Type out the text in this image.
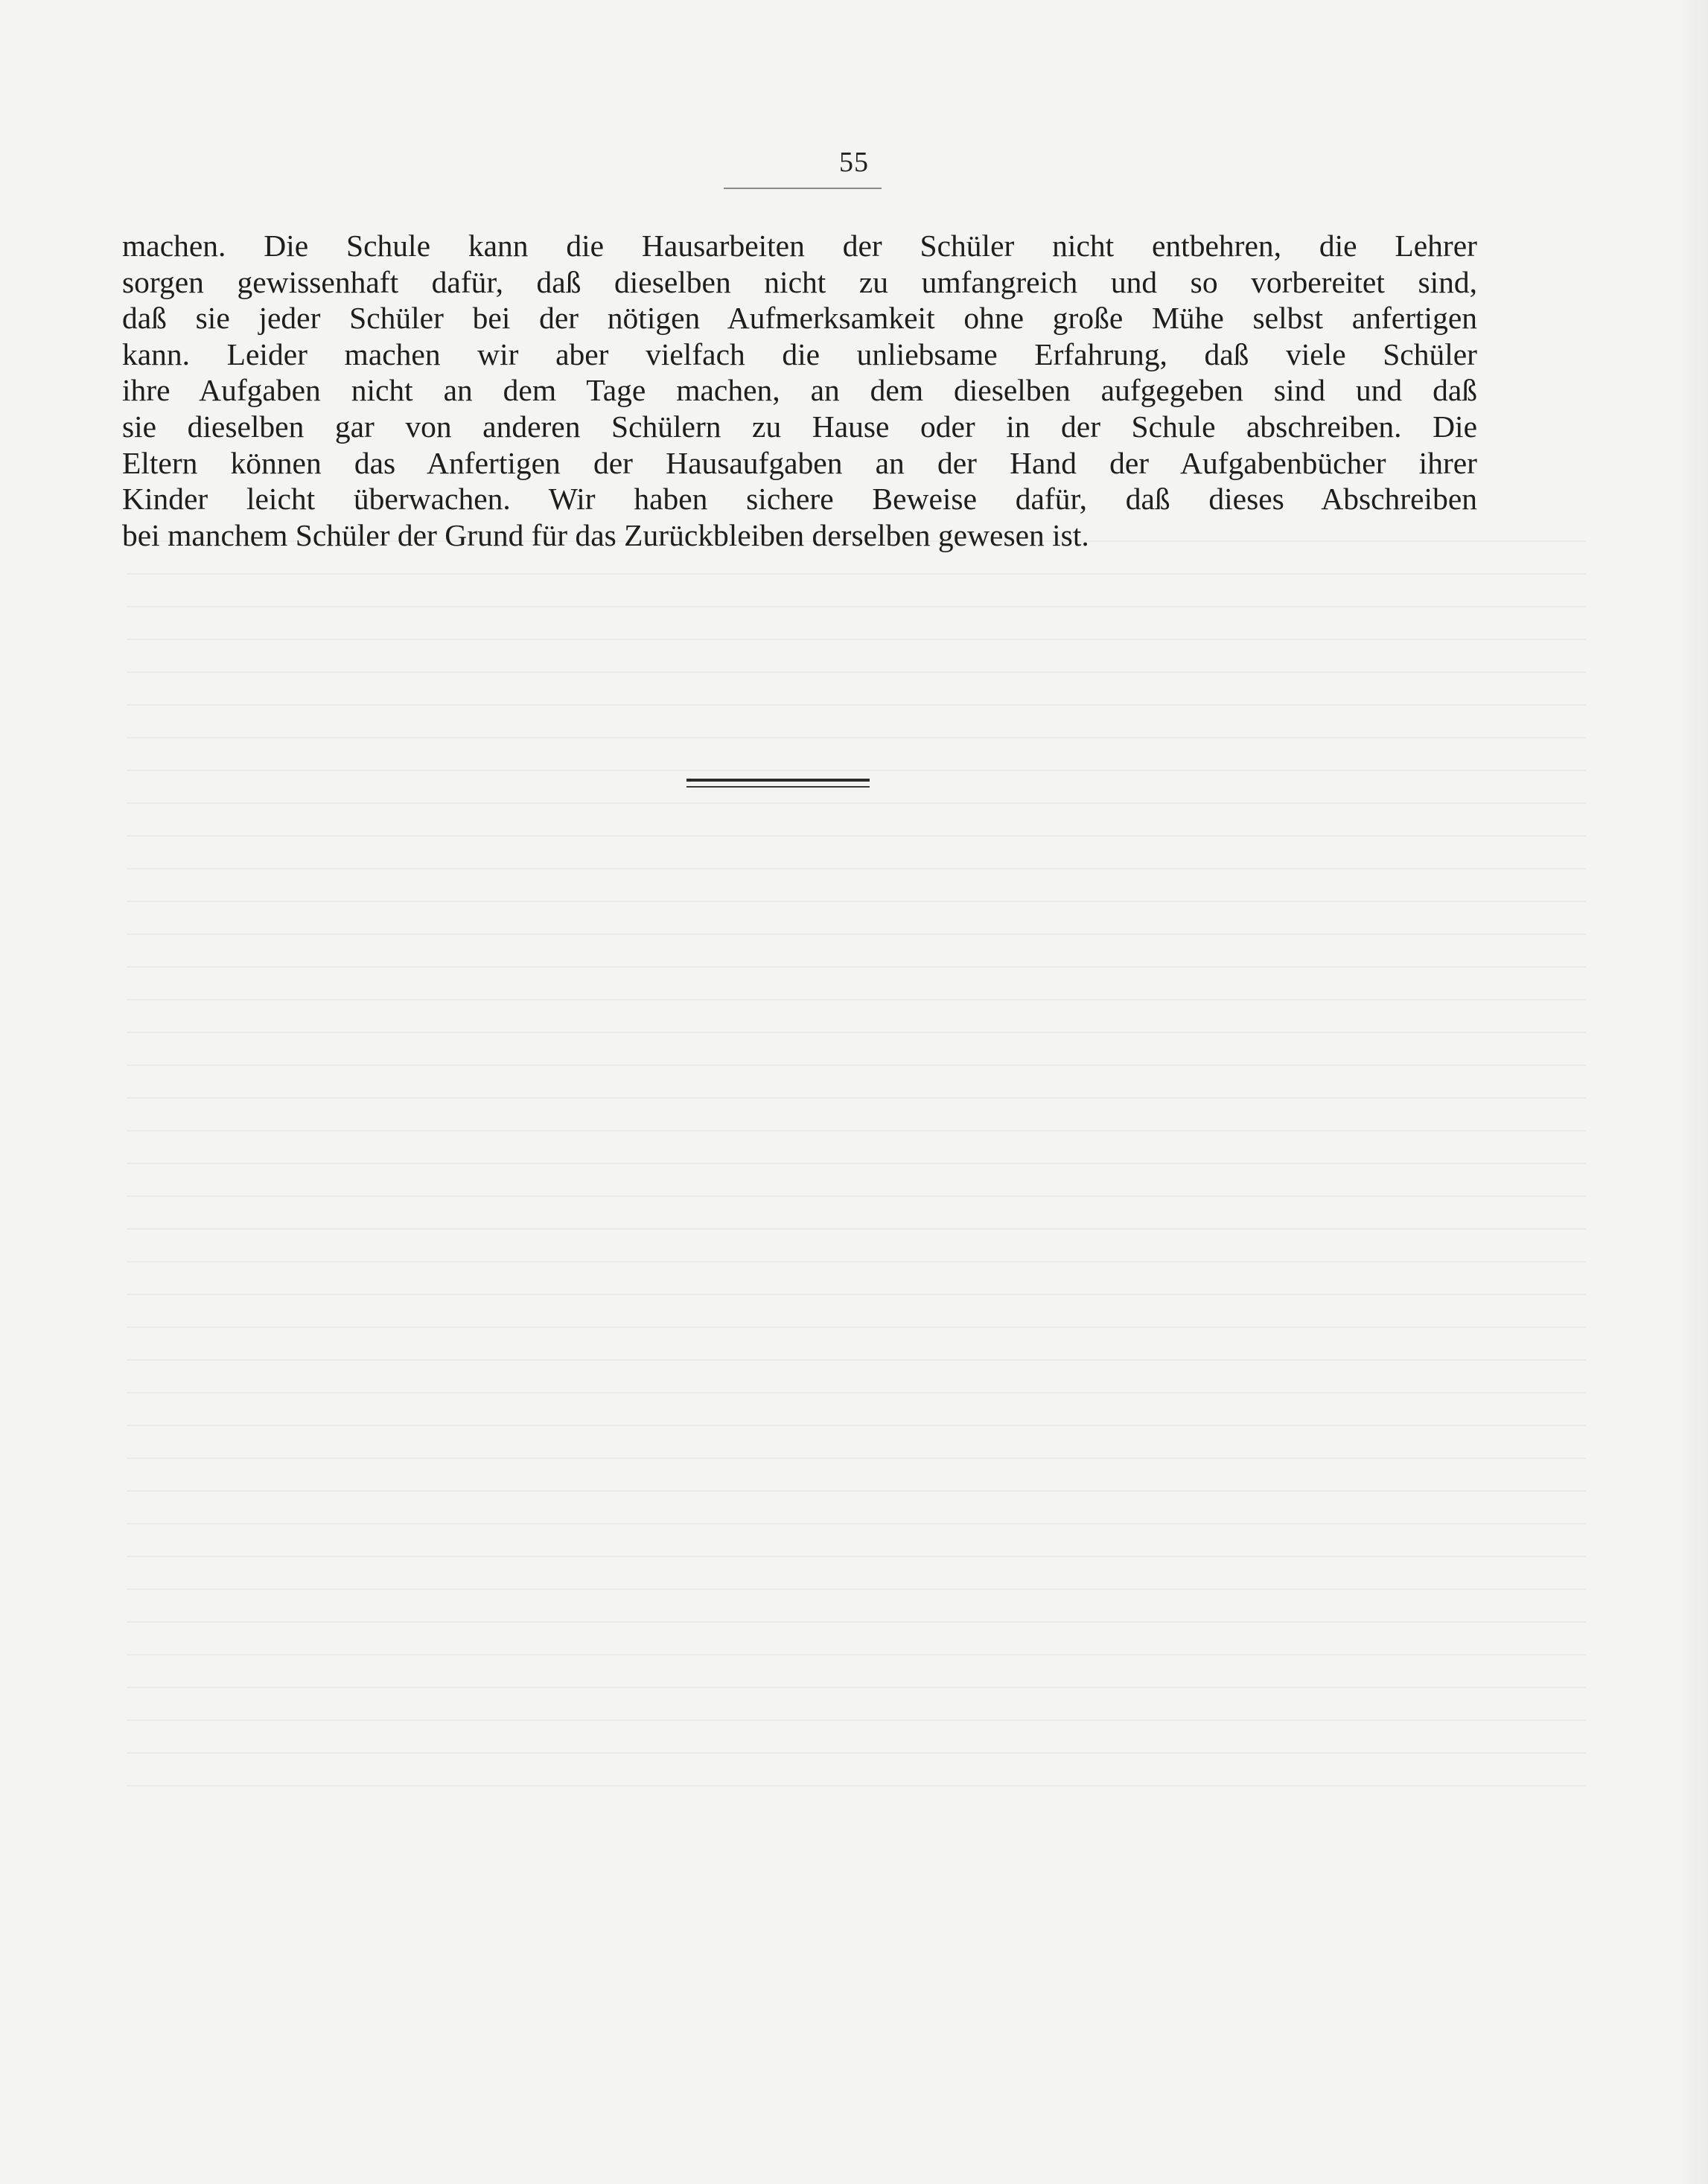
55
machen. Die Schule kann die Hausarbeiten der Schüler nicht entbehren, die Lehrer
sorgen gewissenhaft dafür, daß dieselben nicht zu umfangreich und so vorbereitet sind,
daß sie jeder Schüler bei der nötigen Aufmerksamkeit ohne große Mühe selbst anfertigen
kann. Leider machen wir aber vielfach die unliebsame Erfahrung, daß viele Schüler
ihre Aufgaben nicht an dem Tage machen, an dem dieselben aufgegeben sind und daß
sie dieselben gar von anderen Schülern zu Hause oder in der Schule abschreiben. Die
Eltern können das Anfertigen der Hausaufgaben an der Hand der Aufgabenbücher ihrer
Kinder leicht überwachen. Wir haben sichere Beweise dafür, daß dieses Abschreiben
bei manchem Schüler der Grund für das Zurückbleiben derselben gewesen ist.
